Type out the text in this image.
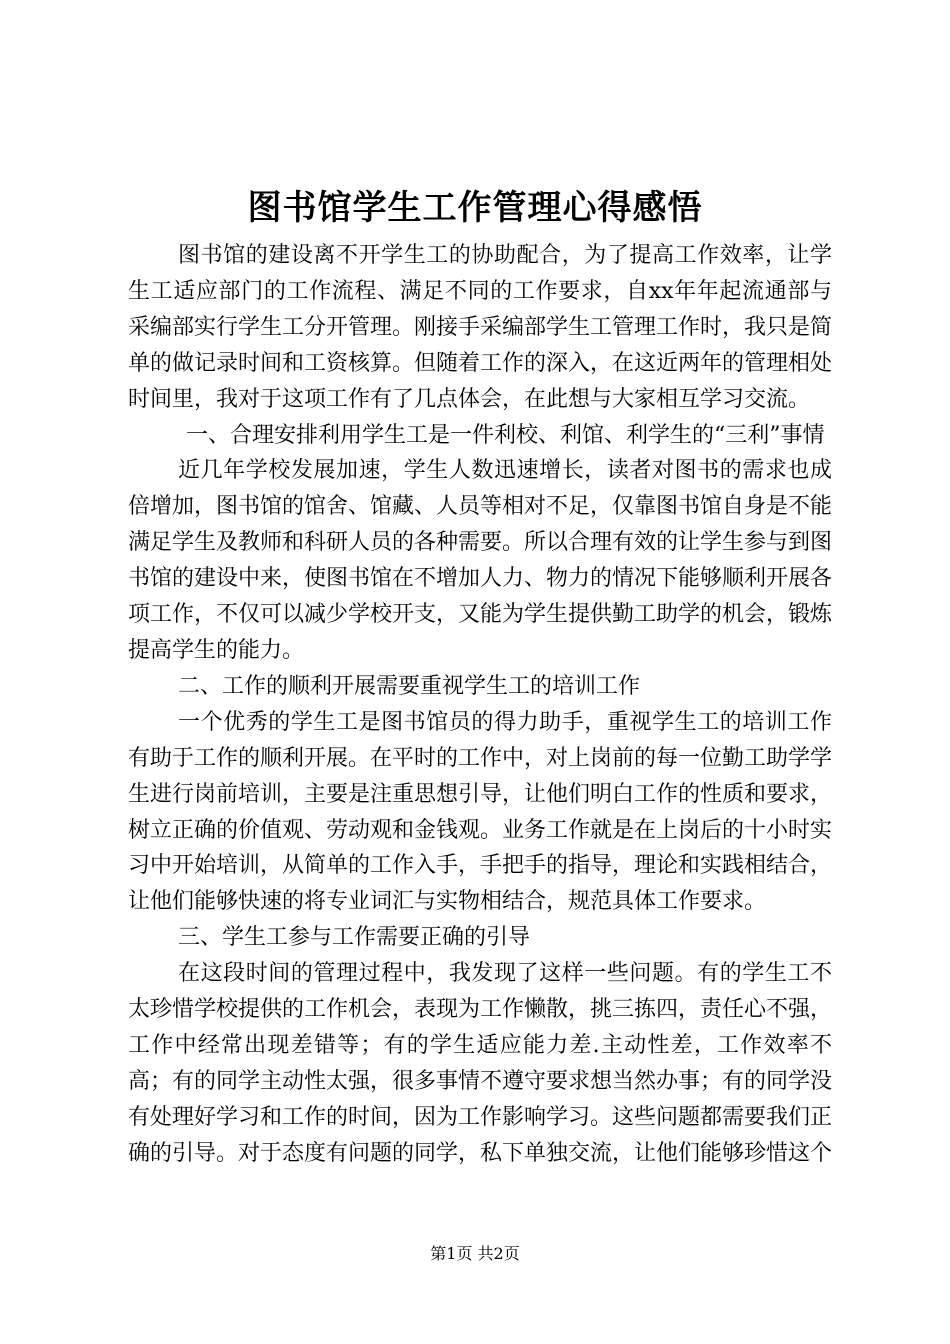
图书馆学生工作管理心得感悟

图书馆的建设离不开学生工的协助配合，为了提高工作效率，让学生工适应部门的工作流程、满足不同的工作要求，自xx年年起流通部与采编部实行学生工分开管理。刚接手采编部学生工管理工作时，我只是简单的做记录时间和工资核算。但随着工作的深入，在这近两年的管理相处时间里，我对于这项工作有了几点体会，在此想与大家相互学习交流。

一、合理安排利用学生工是一件利校、利馆、利学生的“三利”事情

近几年学校发展加速，学生人数迅速增长，读者对图书的需求也成倍增加，图书馆的馆舍、馆藏、人员等相对不足，仅靠图书馆自身是不能满足学生及教师和科研人员的各种需要。所以合理有效的让学生参与到图书馆的建设中来，使图书馆在不增加人力、物力的情况下能够顺利开展各项工作，不仅可以减少学校开支，又能为学生提供勤工助学的机会，锻炼提高学生的能力。

二、工作的顺利开展需要重视学生工的培训工作

一个优秀的学生工是图书馆员的得力助手，重视学生工的培训工作有助于工作的顺利开展。在平时的工作中，对上岗前的每一位勤工助学学生进行岗前培训，主要是注重思想引导，让他们明白工作的性质和要求，树立正确的价值观、劳动观和金钱观。业务工作就是在上岗后的十小时实习中开始培训，从简单的工作入手，手把手的指导，理论和实践相结合，让他们能够快速的将专业词汇与实物相结合，规范具体工作要求。

三、学生工参与工作需要正确的引导

在这段时间的管理过程中，我发现了这样一些问题。有的学生工不太珍惜学校提供的工作机会，表现为工作懒散，挑三拣四，责任心不强，工作中经常出现差错等；有的学生适应能力差.主动性差，工作效率不高；有的同学主动性太强，很多事情不遵守要求想当然办事；有的同学没有处理好学习和工作的时间，因为工作影响学习。这些问题都需要我们正确的引导。对于态度有问题的同学，私下单独交流，让他们能够珍惜这个

第1页 共2页
